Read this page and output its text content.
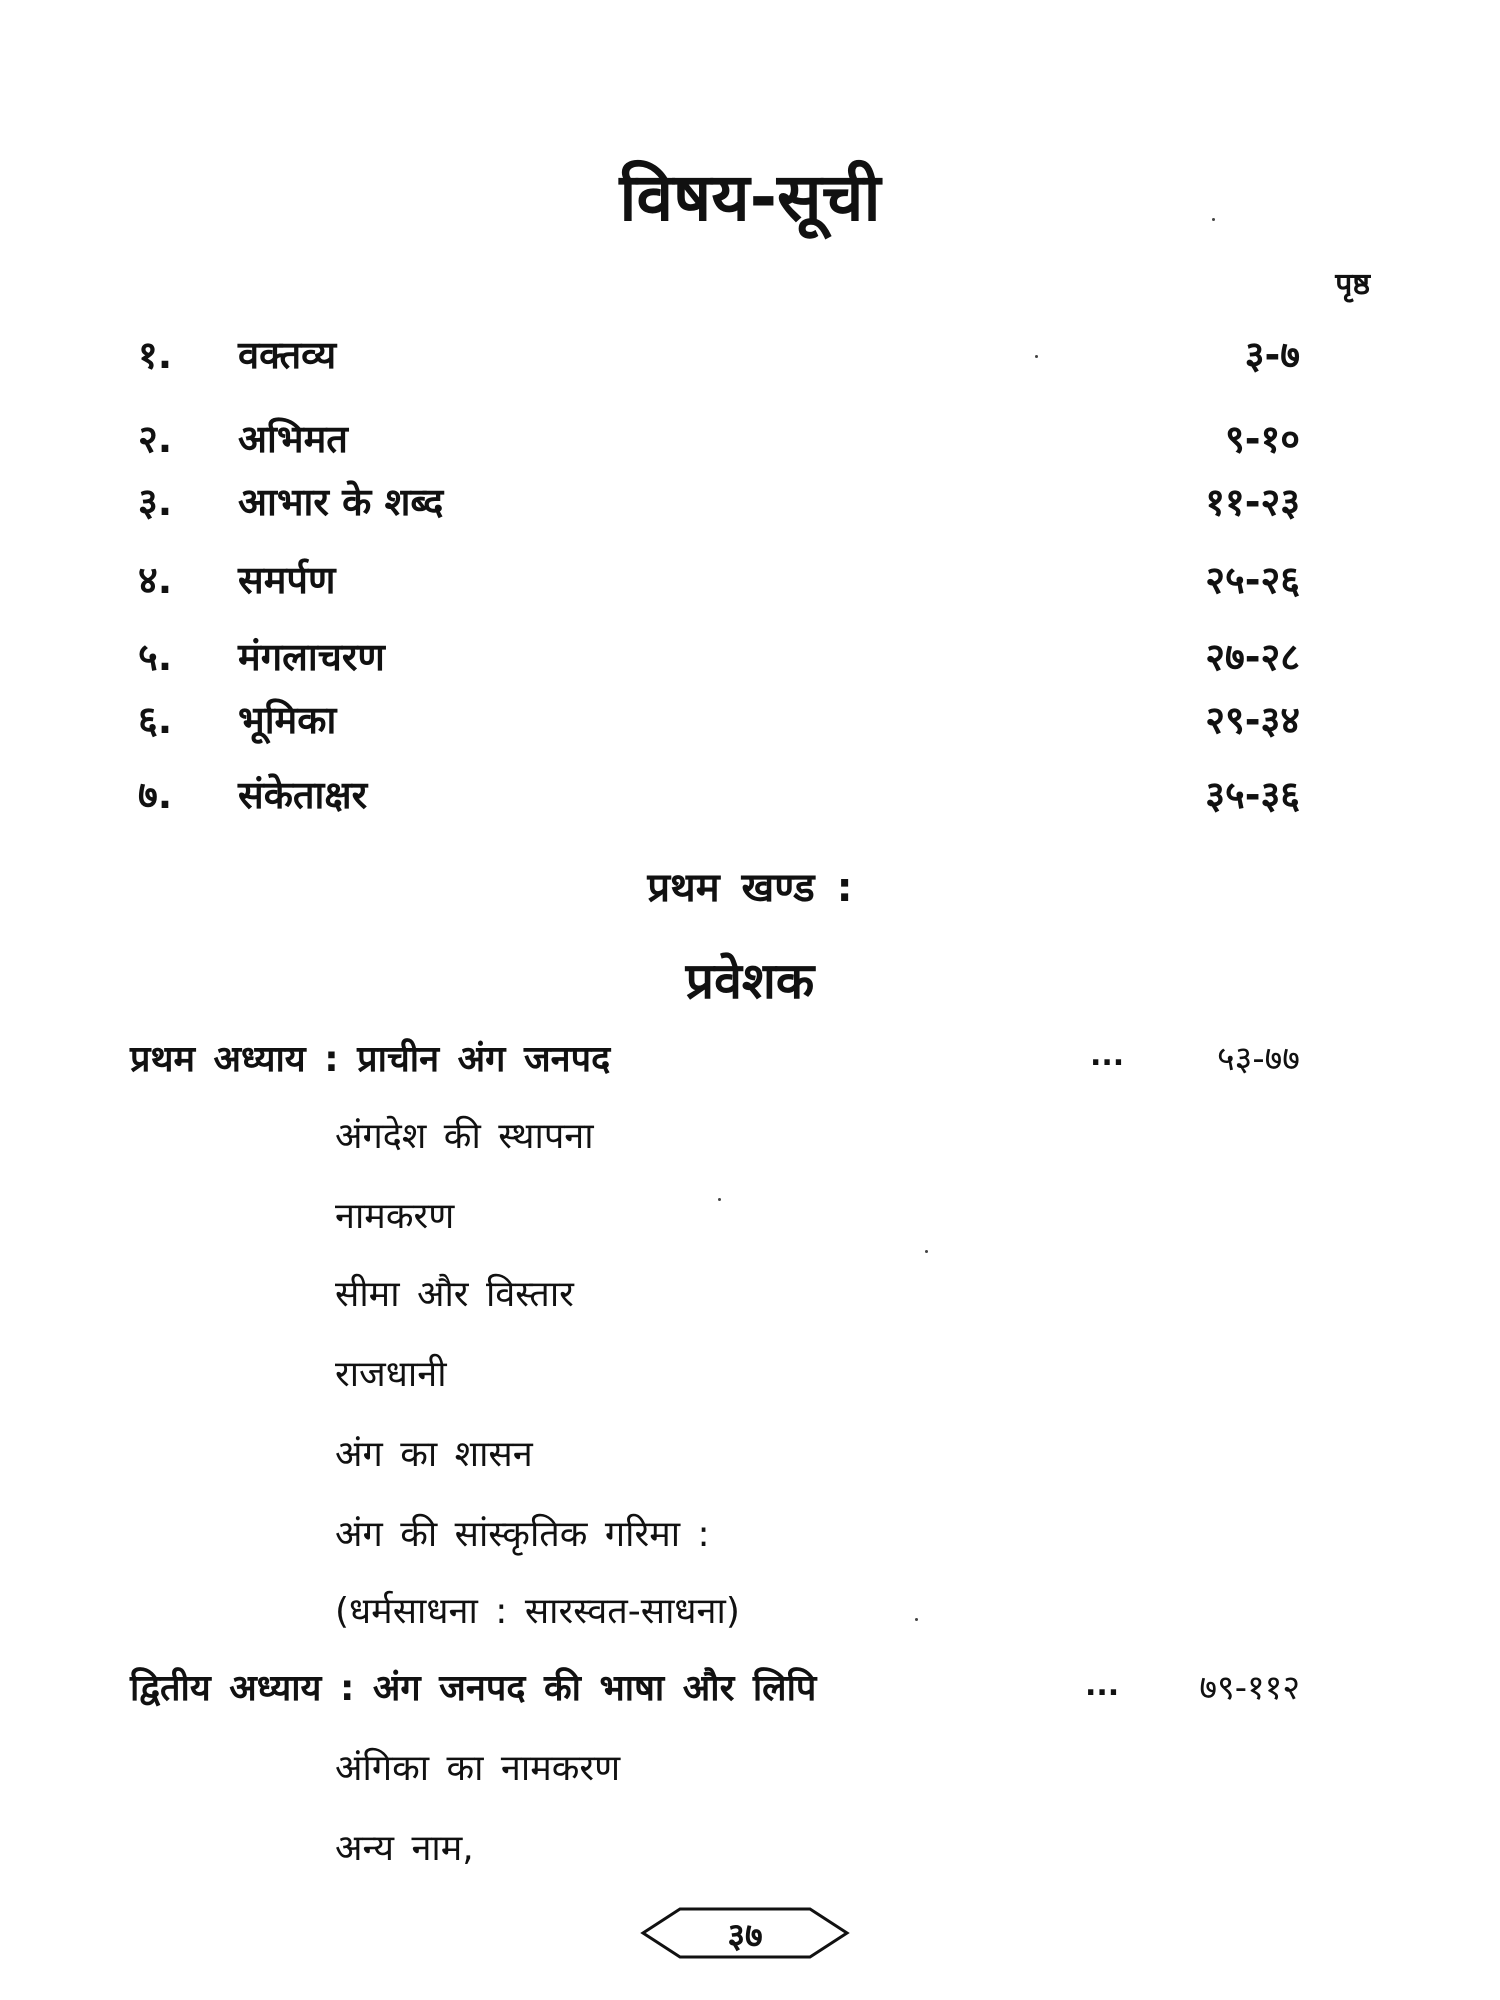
विषय-सूची
पृष्ठ
१. वक्तव्य	३-७
२. अभिमत	९-१०
३. आभार के शब्द	११-२३
४. समर्पण	२५-२६
५. मंगलाचरण	२७-२८
६. भूमिका	२९-३४
७. संकेताक्षर	३५-३६
प्रथम खण्ड :
प्रवेशक
प्रथम अध्याय : प्राचीन अंग जनपद	...	५३-७७
अंगदेश की स्थापना
नामकरण
सीमा और विस्तार
राजधानी
अंग का शासन
अंग की सांस्कृतिक गरिमा :
(धर्मसाधना : सारस्वत-साधना)
द्वितीय अध्याय : अंग जनपद की भाषा और लिपि	... ७९-११२
अंगिका का नामकरण
अन्य नाम,
३७
